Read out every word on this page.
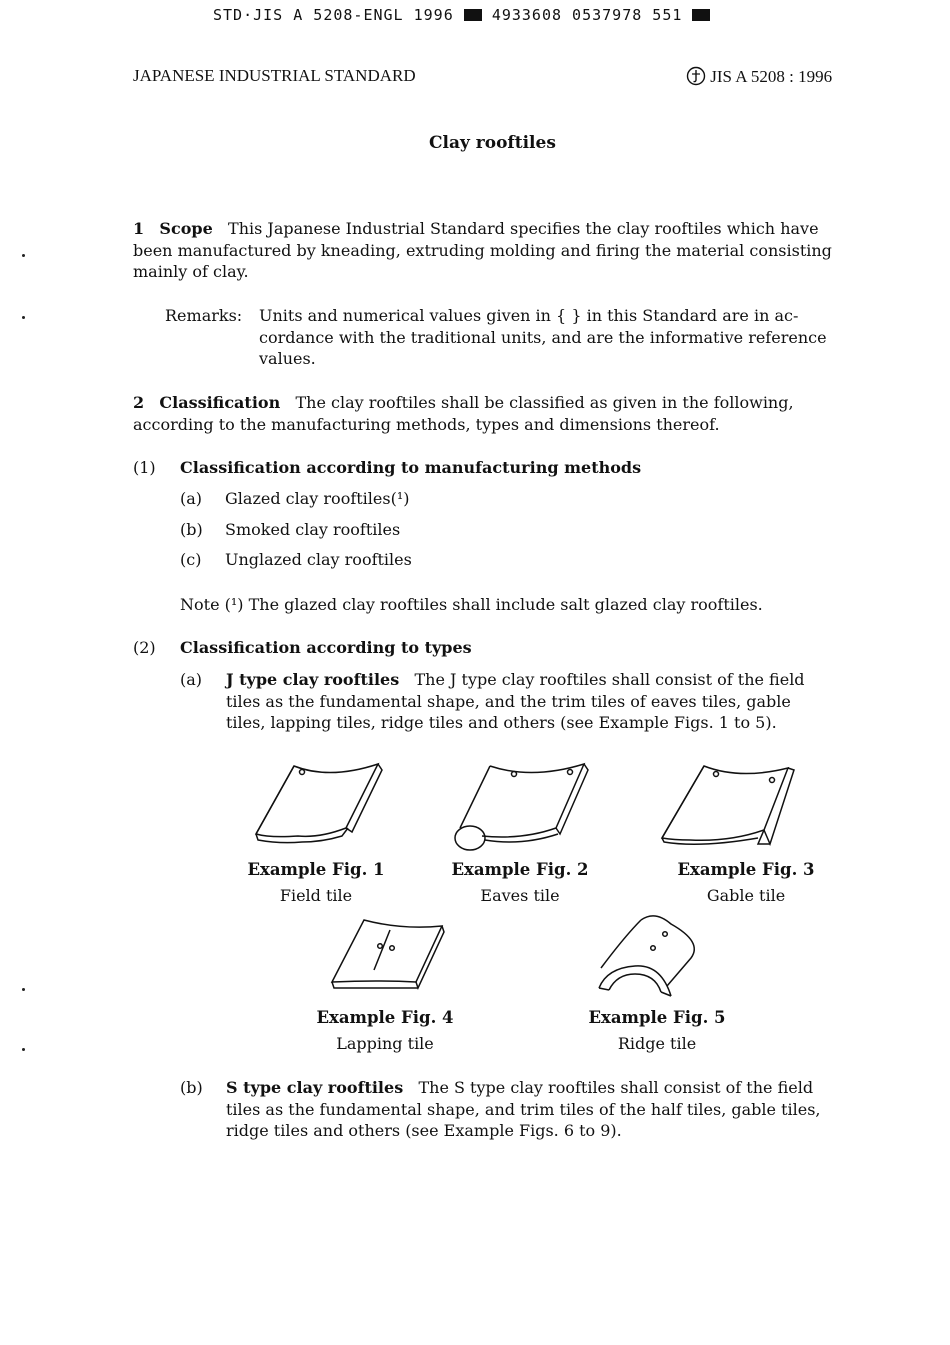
STD·JIS A 5208-ENGL 1996	4933608 0537978 551
JAPANESE INDUSTRIAL STANDARD	JIS A 5208 : 1996
Clay rooftiles
1 Scope This Japanese Industrial Standard specifies the clay rooftiles which have
been manufactured by kneading, extruding molding and firing the material consisting
mainly of clay.
Remarks: Units and numerical values given in { } in this Standard are in ac-
cordance with the traditional units, and are the informative reference
values.
2 Classification The clay rooftiles shall be classified as given in the following,
according to the manufacturing methods, types and dimensions thereof.
(1) Classification according to manufacturing methods
(a) Glazed clay rooftiles(¹)
(b) Smoked clay rooftiles
(c) Unglazed clay rooftiles
Note (¹) The glazed clay rooftiles shall include salt glazed clay rooftiles.
(2) Classification according to types
(a) J type clay rooftiles The J type clay rooftiles shall consist of the field
tiles as the fundamental shape, and the trim tiles of eaves tiles, gable
tiles, lapping tiles, ridge tiles and others (see Example Figs. 1 to 5).
Example Fig. 1
Field tile
Example Fig. 2
Eaves tile
Example Fig. 3
Gable tile
Example Fig. 4
Lapping tile
Example Fig. 5
Ridge tile
(b) S type clay rooftiles The S type clay rooftiles shall consist of the field
tiles as the fundamental shape, and trim tiles of the half tiles, gable tiles,
ridge tiles and others (see Example Figs. 6 to 9).
